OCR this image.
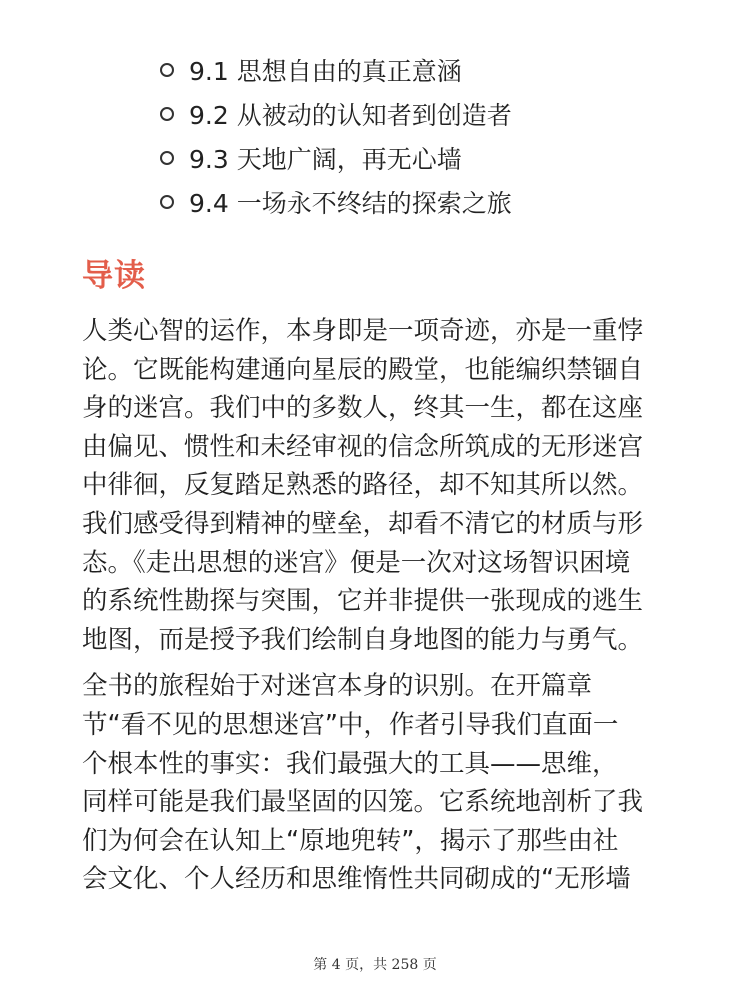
9.1 思想自由的真正意涵
9.2 从被动的认知者到创造者
9.3 天地广阔，再无心墙
9.4 一场永不终结的探索之旅
导读

人类心智的运作，本身即是一项奇迹，亦是一重悖
论。它既能构建通向星辰的殿堂，也能编织禁锢自
身的迷宫。我们中的多数人，终其一生，都在这座
由偏见、惯性和未经审视的信念所筑成的无形迷宫
中徘徊，反复踏足熟悉的路径，却不知其所以然。
我们感受得到精神的壁垒，却看不清它的材质与形
态。《走出思想的迷宫》便是一次对这场智识困境
的系统性勘探与突围，它并非提供一张现成的逃生
地图，而是授予我们绘制自身地图的能力与勇气。

全书的旅程始于对迷宫本身的识别。在开篇章
节“看不见的思想迷宫”中，作者引导我们直面一
个根本性的事实：我们最强大的工具——思维，
同样可能是我们最坚固的囚笼。它系统地剖析了我
们为何会在认知上“原地兜转”，揭示了那些由社
会文化、个人经历和思维惰性共同砌成的“无形墙

第 4 页，共 258 页
